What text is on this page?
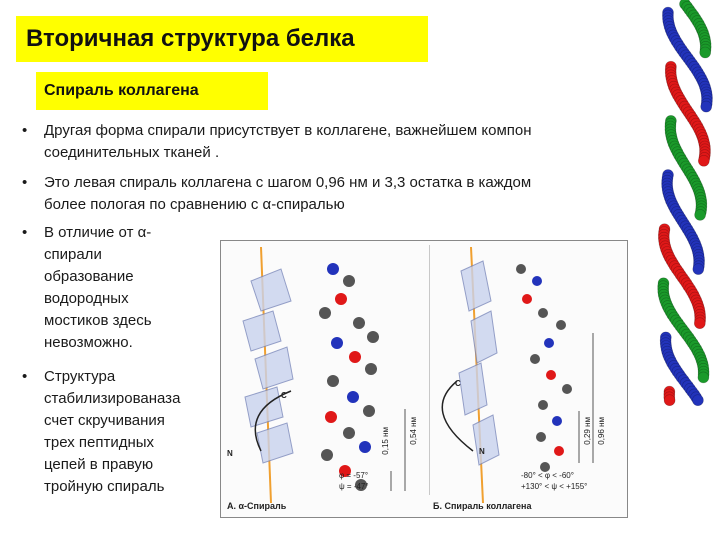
Вторичная структура белка
Спираль коллагена
• Другая форма спирали присутствует в коллагене, важнейшем компон
соединительных тканей .
• Это левая спираль коллагена с шагом 0,96 нм и 3,3 остатка в каждом
более пологая по сравнению с α-спиралью
• В отличие от α-
спирали
образование
водородных
мостиков здесь
невозможно.
• Структура
стабилизированаза
счет скручивания
трех пептидных
цепей в правую
тройную спираль
C
N
C
N
0,15 нм 0,54 нм	0,29 нм 0,96 нм
φ = -57°
ψ = -47°
-80° < φ < -60°
+130° < ψ < +155°
А. α-Спираль	Б. Спираль коллагена
